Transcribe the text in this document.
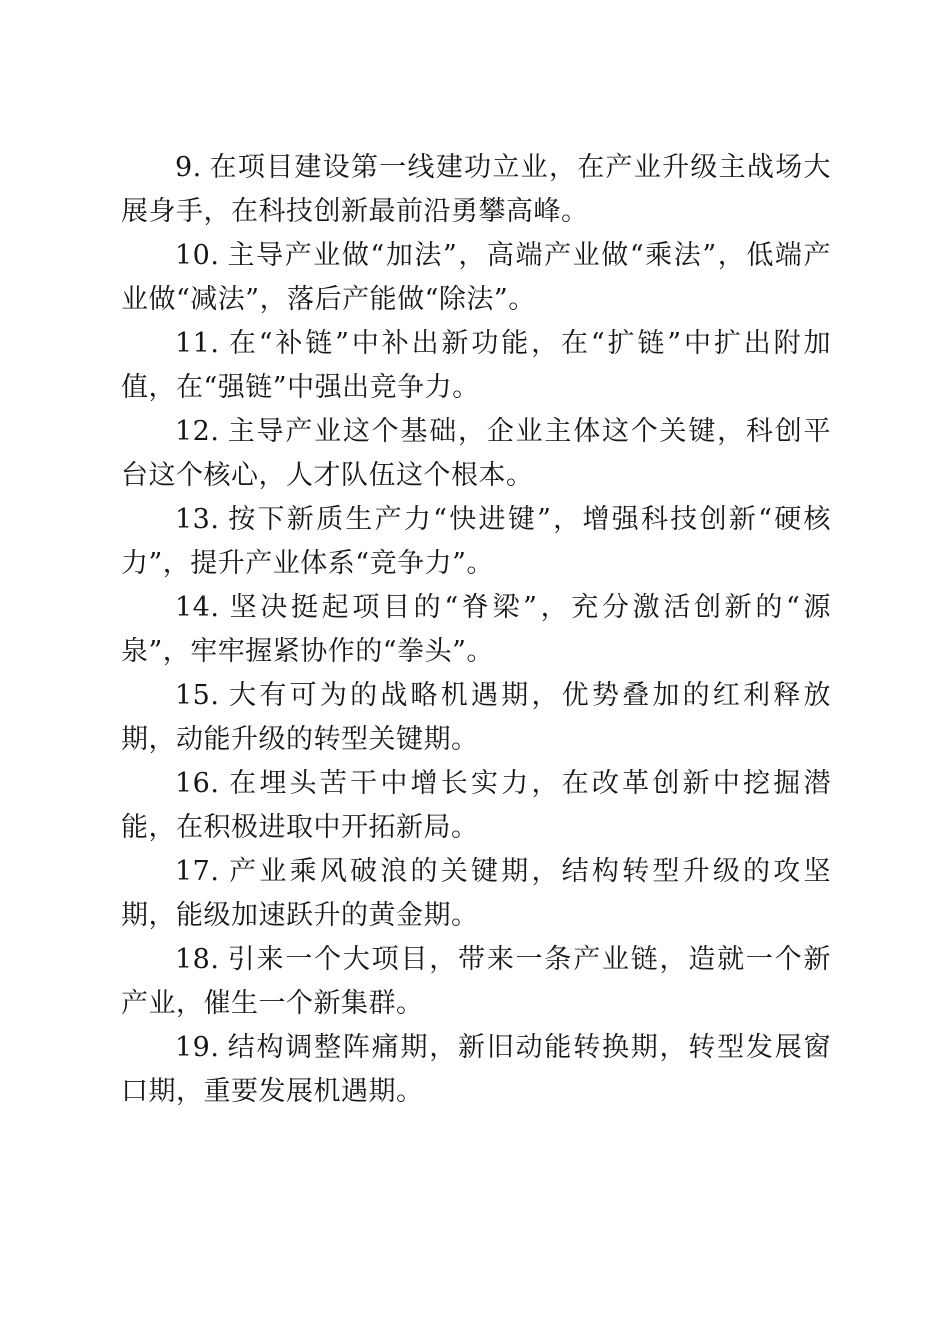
9. 在项目建设第一线建功立业，在产业升级主战场大展身手，在科技创新最前沿勇攀高峰。

10. 主导产业做“加法”，高端产业做“乘法”，低端产业做“减法”，落后产能做“除法”。

11. 在“补链”中补出新功能，在“扩链”中扩出附加值，在“强链”中强出竞争力。

12. 主导产业这个基础，企业主体这个关键，科创平台这个核心，人才队伍这个根本。

13. 按下新质生产力“快进键”，增强科技创新“硬核力”，提升产业体系“竞争力”。

14. 坚决挺起项目的“脊梁”，充分激活创新的“源泉”，牢牢握紧协作的“拳头”。

15. 大有可为的战略机遇期，优势叠加的红利释放期，动能升级的转型关键期。

16. 在埋头苦干中增长实力，在改革创新中挖掘潜能，在积极进取中开拓新局。

17. 产业乘风破浪的关键期，结构转型升级的攻坚期，能级加速跃升的黄金期。

18. 引来一个大项目，带来一条产业链，造就一个新产业，催生一个新集群。

19. 结构调整阵痛期，新旧动能转换期，转型发展窗口期，重要发展机遇期。
